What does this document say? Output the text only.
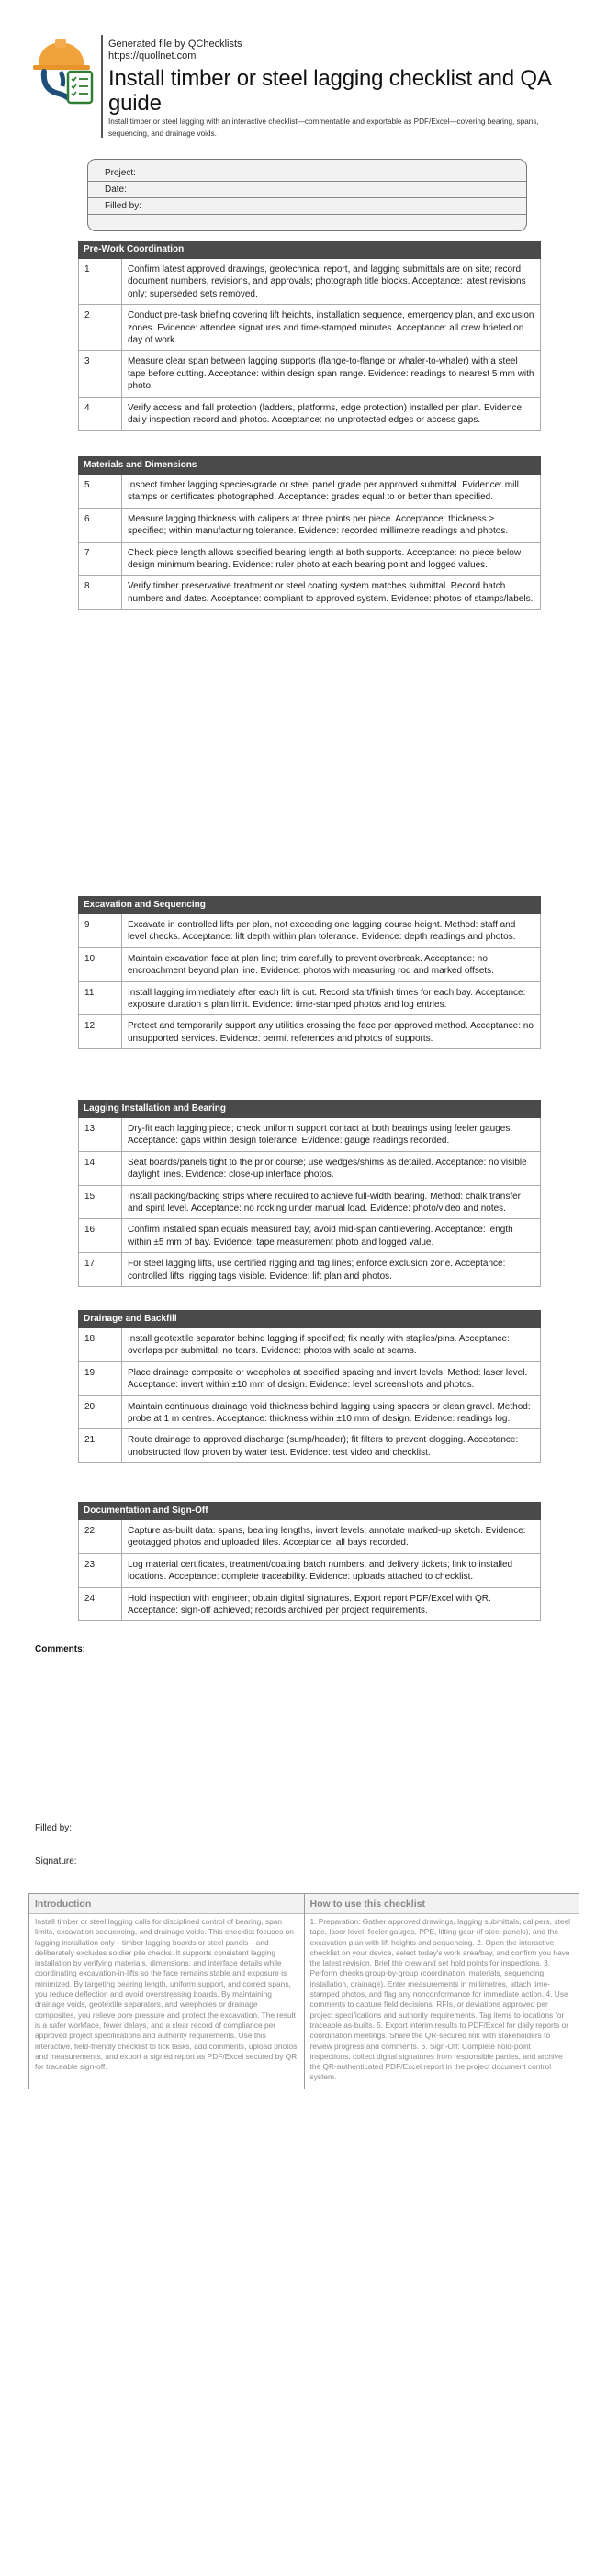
Generated file by QChecklists
https://quollnet.com
Install timber or steel lagging checklist and QA guide
Install timber or steel lagging with an interactive checklist—commentable and exportable as PDF/Excel—covering bearing, spans, sequencing, and drainage voids.
Project:
Date:
Filled by:
Pre-Work Coordination
1	Confirm latest approved drawings, geotechnical report, and lagging submittals are on site; record document numbers, revisions, and approvals; photograph title blocks. Acceptance: latest revisions only; superseded sets removed.
2	Conduct pre-task briefing covering lift heights, installation sequence, emergency plan, and exclusion zones. Evidence: attendee signatures and time-stamped minutes. Acceptance: all crew briefed on day of work.
3	Measure clear span between lagging supports (flange-to-flange or whaler-to-whaler) with a steel tape before cutting. Acceptance: within design span range. Evidence: readings to nearest 5 mm with photo.
4	Verify access and fall protection (ladders, platforms, edge protection) installed per plan. Evidence: daily inspection record and photos. Acceptance: no unprotected edges or access gaps.
Materials and Dimensions
5	Inspect timber lagging species/grade or steel panel grade per approved submittal. Evidence: mill stamps or certificates photographed. Acceptance: grades equal to or better than specified.
6	Measure lagging thickness with calipers at three points per piece. Acceptance: thickness ≥ specified; within manufacturing tolerance. Evidence: recorded millimetre readings and photos.
7	Check piece length allows specified bearing length at both supports. Acceptance: no piece below design minimum bearing. Evidence: ruler photo at each bearing point and logged values.
8	Verify timber preservative treatment or steel coating system matches submittal. Record batch numbers and dates. Acceptance: compliant to approved system. Evidence: photos of stamps/labels.
Excavation and Sequencing
9	Excavate in controlled lifts per plan, not exceeding one lagging course height. Method: staff and level checks. Acceptance: lift depth within plan tolerance. Evidence: depth readings and photos.
10	Maintain excavation face at plan line; trim carefully to prevent overbreak. Acceptance: no encroachment beyond plan line. Evidence: photos with measuring rod and marked offsets.
11	Install lagging immediately after each lift is cut. Record start/finish times for each bay. Acceptance: exposure duration ≤ plan limit. Evidence: time-stamped photos and log entries.
12	Protect and temporarily support any utilities crossing the face per approved method. Acceptance: no unsupported services. Evidence: permit references and photos of supports.
Lagging Installation and Bearing
13	Dry-fit each lagging piece; check uniform support contact at both bearings using feeler gauges. Acceptance: gaps within design tolerance. Evidence: gauge readings recorded.
14	Seat boards/panels tight to the prior course; use wedges/shims as detailed. Acceptance: no visible daylight lines. Evidence: close-up interface photos.
15	Install packing/backing strips where required to achieve full-width bearing. Method: chalk transfer and spirit level. Acceptance: no rocking under manual load. Evidence: photo/video and notes.
16	Confirm installed span equals measured bay; avoid mid-span cantilevering. Acceptance: length within ±5 mm of bay. Evidence: tape measurement photo and logged value.
17	For steel lagging lifts, use certified rigging and tag lines; enforce exclusion zone. Acceptance: controlled lifts, rigging tags visible. Evidence: lift plan and photos.
Drainage and Backfill
18	Install geotextile separator behind lagging if specified; fix neatly with staples/pins. Acceptance: overlaps per submittal; no tears. Evidence: photos with scale at seams.
19	Place drainage composite or weepholes at specified spacing and invert levels. Method: laser level. Acceptance: invert within ±10 mm of design. Evidence: level screenshots and photos.
20	Maintain continuous drainage void thickness behind lagging using spacers or clean gravel. Method: probe at 1 m centres. Acceptance: thickness within ±10 mm of design. Evidence: readings log.
21	Route drainage to approved discharge (sump/header); fit filters to prevent clogging. Acceptance: unobstructed flow proven by water test. Evidence: test video and checklist.
Documentation and Sign-Off
22	Capture as-built data: spans, bearing lengths, invert levels; annotate marked-up sketch. Evidence: geotagged photos and uploaded files. Acceptance: all bays recorded.
23	Log material certificates, treatment/coating batch numbers, and delivery tickets; link to installed locations. Acceptance: complete traceability. Evidence: uploads attached to checklist.
24	Hold inspection with engineer; obtain digital signatures. Export report PDF/Excel with QR. Acceptance: sign-off achieved; records archived per project requirements.
Comments:
Filled by:
Signature:
Introduction
Install timber or steel lagging calls for disciplined control of bearing, span limits, excavation sequencing, and drainage voids. This checklist focuses on lagging installation only—timber lagging boards or steel panels—and deliberately excludes soldier pile checks. It supports consistent lagging installation by verifying materials, dimensions, and interface details while coordinating excavation-in-lifts so the face remains stable and exposure is minimized. By targeting bearing length, uniform support, and correct spans, you reduce deflection and avoid overstressing boards. By maintaining drainage voids, geotextile separators, and weepholes or drainage composites, you relieve pore pressure and protect the excavation. The result is a safer workface, fewer delays, and a clear record of compliance per approved project specifications and authority requirements. Use this interactive, field-friendly checklist to tick tasks, add comments, upload photos and measurements, and export a signed report as PDF/Excel secured by QR for traceable sign-off.
How to use this checklist
1. Preparation: Gather approved drawings, lagging submittals, calipers, steel tape, laser level, feeler gauges, PPE, lifting gear (if steel panels), and the excavation plan with lift heights and sequencing. 2. Open the interactive checklist on your device, select today's work area/bay, and confirm you have the latest revision. Brief the crew and set hold points for inspections. 3. Perform checks group-by-group (coordination, materials, sequencing, installation, drainage). Enter measurements in millimetres, attach time-stamped photos, and flag any nonconformance for immediate action. 4. Use comments to capture field decisions, RFIs, or deviations approved per project specifications and authority requirements. Tag items to locations for traceable as-builts. 5. Export interim results to PDF/Excel for daily reports or coordination meetings. Share the QR-secured link with stakeholders to review progress and comments. 6. Sign-Off: Complete hold-point inspections, collect digital signatures from responsible parties, and archive the QR-authenticated PDF/Excel report in the project document control system.
